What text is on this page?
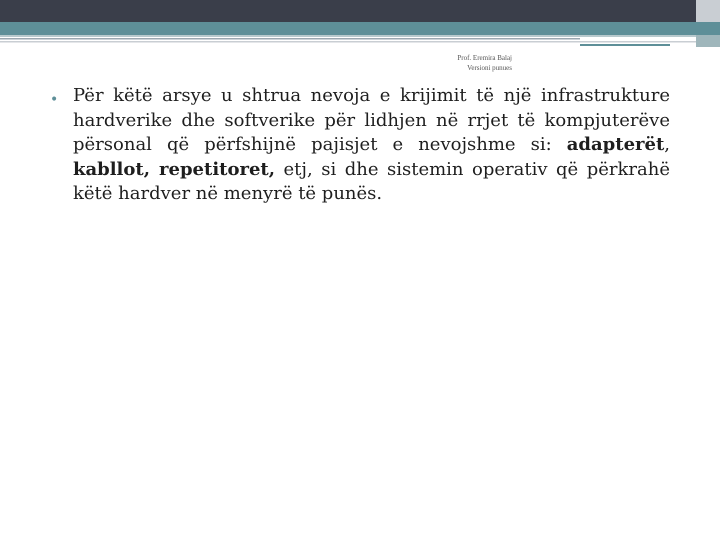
Prof. Eremira Balaj
Versioni punues
• Për këtë arsye u shtrua nevoja e krijimit të një infrastrukture hardverike dhe softverike për lidhjen në rrjet të kompjuterëve përsonal që përfshijnë pajisjet e nevojshme si: adapterët, kabllot, repetitoret, etj, si dhe sistemin operativ që përkrahë këtë hardver në menyrë të punës.
